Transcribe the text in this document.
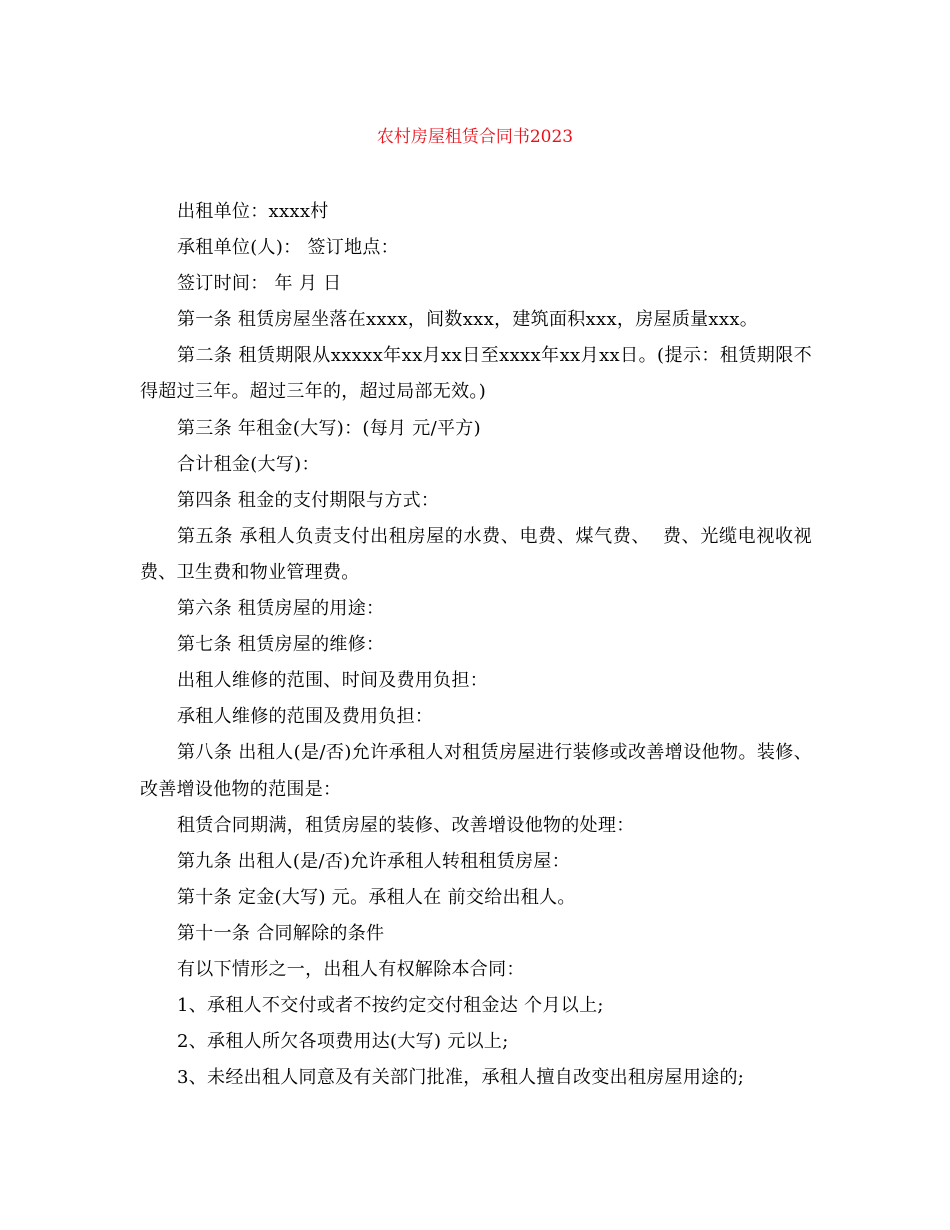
农村房屋租赁合同书2023

出租单位：xxxx村

承租单位(人)： 签订地点：

签订时间： 年 月 日

第一条 租赁房屋坐落在xxxx，间数xxx，建筑面积xxx，房屋质量xxx。

第二条 租赁期限从xxxxx年xx月xx日至xxxx年xx月xx日。(提示：租赁期限不得超过三年。超过三年的，超过局部无效。)

第三条 年租金(大写)：(每月 元/平方)

合计租金(大写)：

第四条 租金的支付期限与方式：

第五条 承租人负责支付出租房屋的水费、电费、煤气费、  费、光缆电视收视费、卫生费和物业管理费。

第六条 租赁房屋的用途：

第七条 租赁房屋的维修：

出租人维修的范围、时间及费用负担：

承租人维修的范围及费用负担：

第八条 出租人(是/否)允许承租人对租赁房屋进行装修或改善增设他物。装修、改善增设他物的范围是：

租赁合同期满，租赁房屋的装修、改善增设他物的处理：

第九条 出租人(是/否)允许承租人转租租赁房屋：

第十条 定金(大写) 元。承租人在 前交给出租人。

第十一条 合同解除的条件

有以下情形之一，出租人有权解除本合同：

1、承租人不交付或者不按约定交付租金达 个月以上;

2、承租人所欠各项费用达(大写) 元以上;

3、未经出租人同意及有关部门批准，承租人擅自改变出租房屋用途的;
